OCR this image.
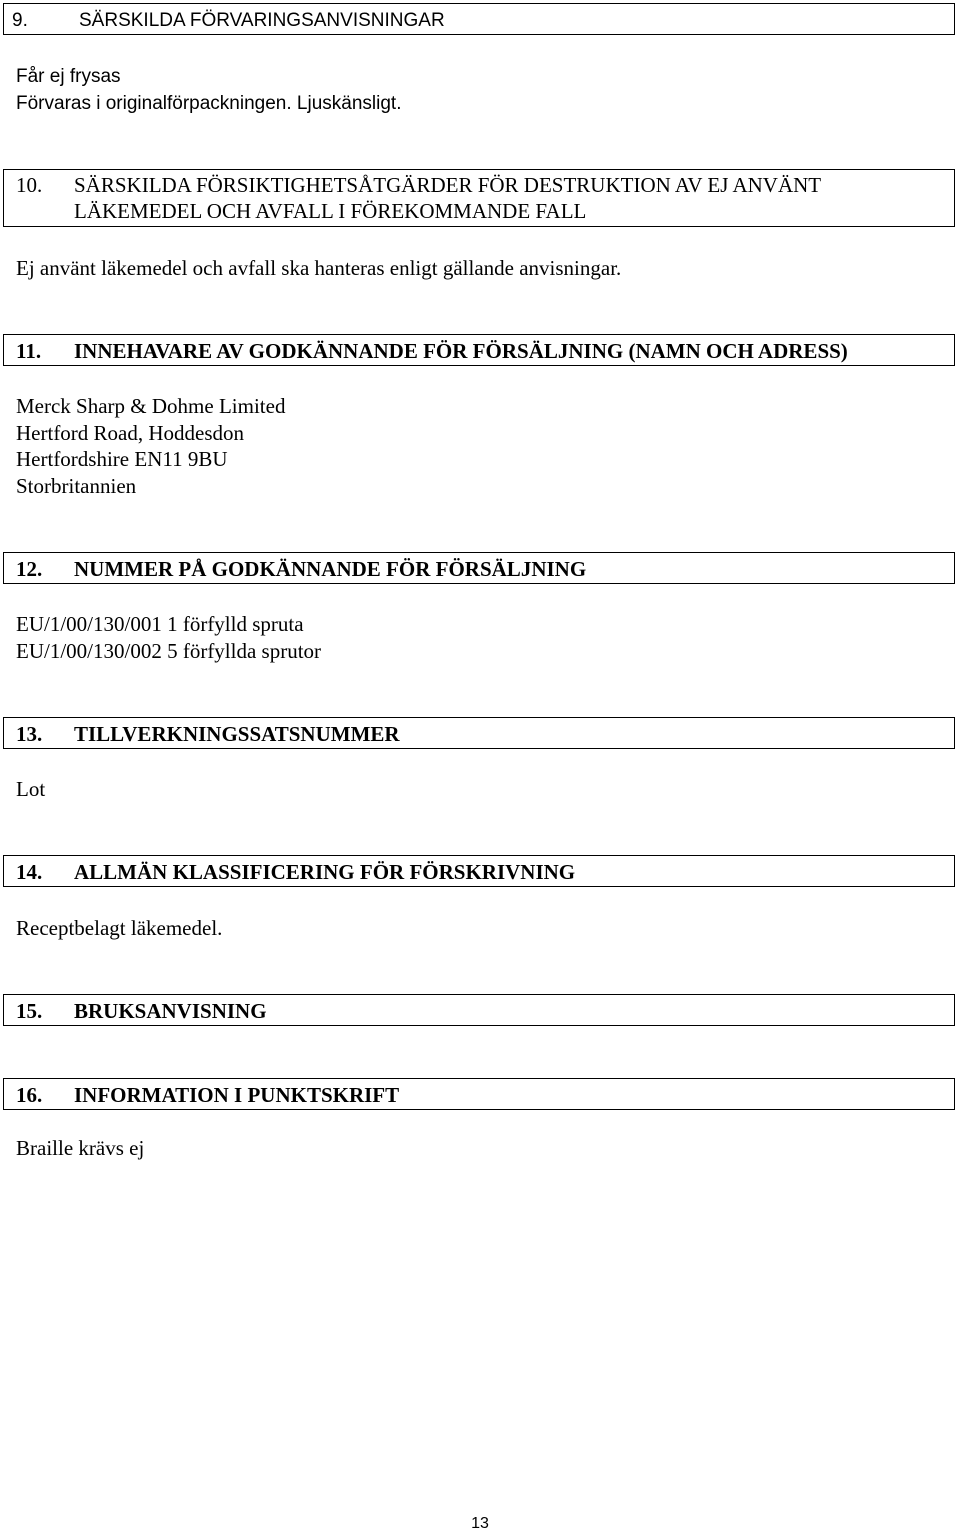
9.	SÄRSKILDA FÖRVARINGSANVISNINGAR
Får ej frysas
Förvaras i originalförpackningen. Ljuskänsligt.
10. SÄRSKILDA FÖRSIKTIGHETSÅTGÄRDER FÖR DESTRUKTION AV EJ ANVÄNT
LÄKEMEDEL OCH AVFALL I FÖREKOMMANDE FALL
Ej använt läkemedel och avfall ska hanteras enligt gällande anvisningar.
11. INNEHAVARE AV GODKÄNNANDE FÖR FÖRSÄLJNING (NAMN OCH ADRESS)
Merck Sharp & Dohme Limited
Hertford Road, Hoddesdon
Hertfordshire EN11 9BU
Storbritannien
12. NUMMER PÅ GODKÄNNANDE FÖR FÖRSÄLJNING
EU/1/00/130/001 1 förfylld spruta
EU/1/00/130/002 5 förfyllda sprutor
13. TILLVERKNINGSSATSNUMMER
Lot
14. ALLMÄN KLASSIFICERING FÖR FÖRSKRIVNING
Receptbelagt läkemedel.
15. BRUKSANVISNING
16. INFORMATION I PUNKTSKRIFT
Braille krävs ej
13
